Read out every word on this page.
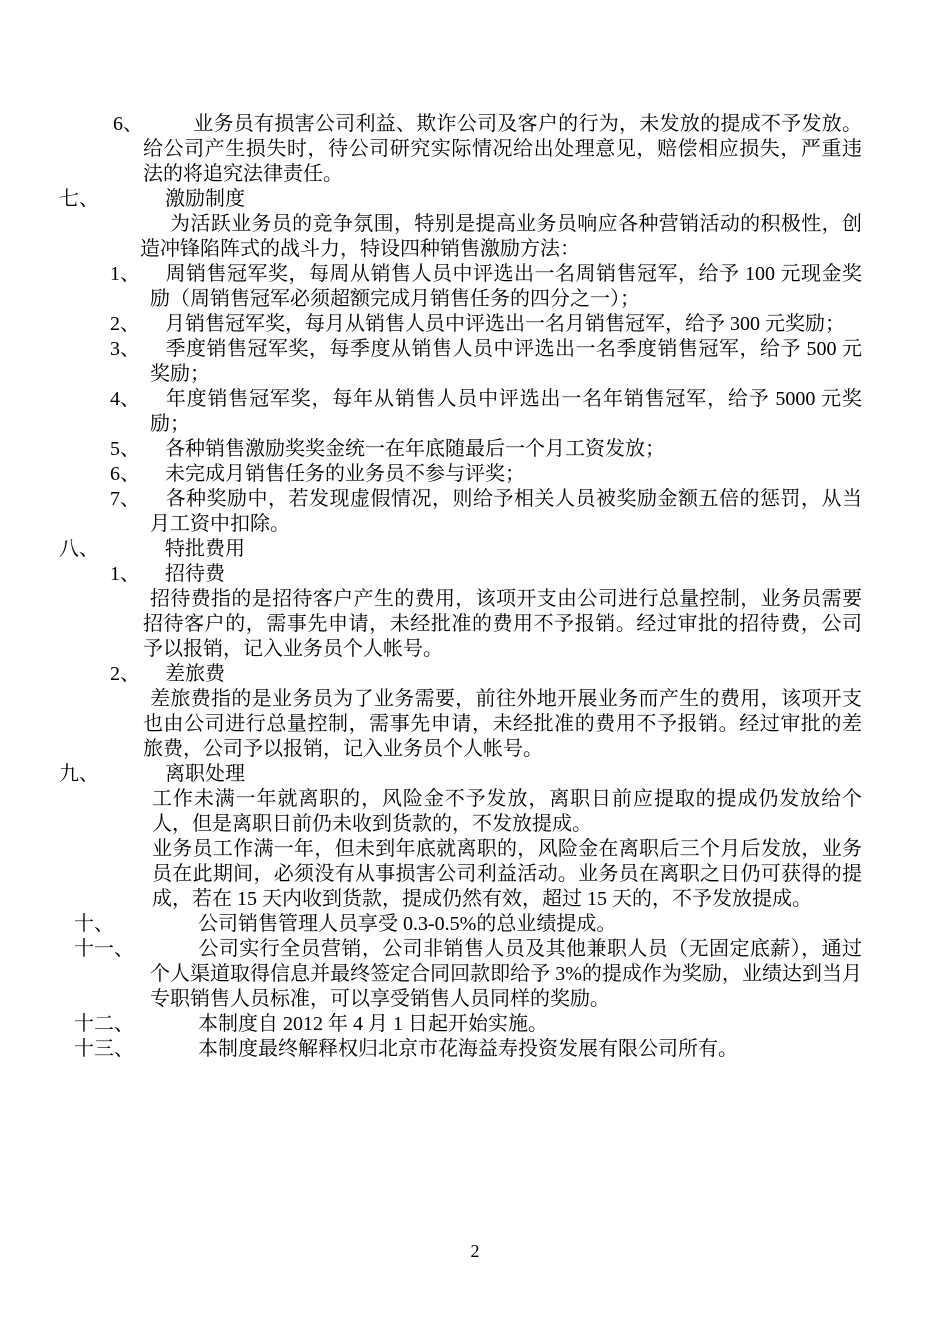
6、	业务员有损害公司利益、欺诈公司及客户的行为，未发放的提成不予发放。给公司产生损失时，待公司研究实际情况给出处理意见，赔偿相应损失，严重违法的将追究法律责任。
七、	激励制度
为活跃业务员的竞争氛围，特别是提高业务员响应各种营销活动的积极性，创造冲锋陷阵式的战斗力，特设四种销售激励方法：
1、 周销售冠军奖，每周从销售人员中评选出一名周销售冠军，给予 100 元现金奖励（周销售冠军必须超额完成月销售任务的四分之一）；
2、 月销售冠军奖，每月从销售人员中评选出一名月销售冠军，给予 300 元奖励；
3、 季度销售冠军奖，每季度从销售人员中评选出一名季度销售冠军，给予 500 元奖励；
4、 年度销售冠军奖，每年从销售人员中评选出一名年销售冠军，给予 5000 元奖励；
5、 各种销售激励奖奖金统一在年底随最后一个月工资发放；
6、 未完成月销售任务的业务员不参与评奖；
7、 各种奖励中，若发现虚假情况，则给予相关人员被奖励金额五倍的惩罚，从当月工资中扣除。
八、	特批费用
1、 招待费
招待费指的是招待客户产生的费用，该项开支由公司进行总量控制，业务员需要招待客户的，需事先申请，未经批准的费用不予报销。经过审批的招待费，公司予以报销，记入业务员个人帐号。
2、 差旅费
差旅费指的是业务员为了业务需要，前往外地开展业务而产生的费用，该项开支也由公司进行总量控制，需事先申请，未经批准的费用不予报销。经过审批的差旅费，公司予以报销，记入业务员个人帐号。
九、	离职处理
工作未满一年就离职的，风险金不予发放，离职日前应提取的提成仍发放给个人，但是离职日前仍未收到货款的，不发放提成。
业务员工作满一年，但未到年底就离职的，风险金在离职后三个月后发放，业务员在此期间，必须没有从事损害公司利益活动。业务员在离职之日仍可获得的提成，若在 15 天内收到货款，提成仍然有效，超过 15 天的，不予发放提成。
十、	公司销售管理人员享受 0.3-0.5%的总业绩提成。
十一、	公司实行全员营销，公司非销售人员及其他兼职人员（无固定底薪），通过个人渠道取得信息并最终签定合同回款即给予 3%的提成作为奖励，业绩达到当月专职销售人员标准，可以享受销售人员同样的奖励。
十二、	本制度自 2012 年 4 月 1 日起开始实施。
十三、	本制度最终解释权归北京市花海益寿投资发展有限公司所有。
2
